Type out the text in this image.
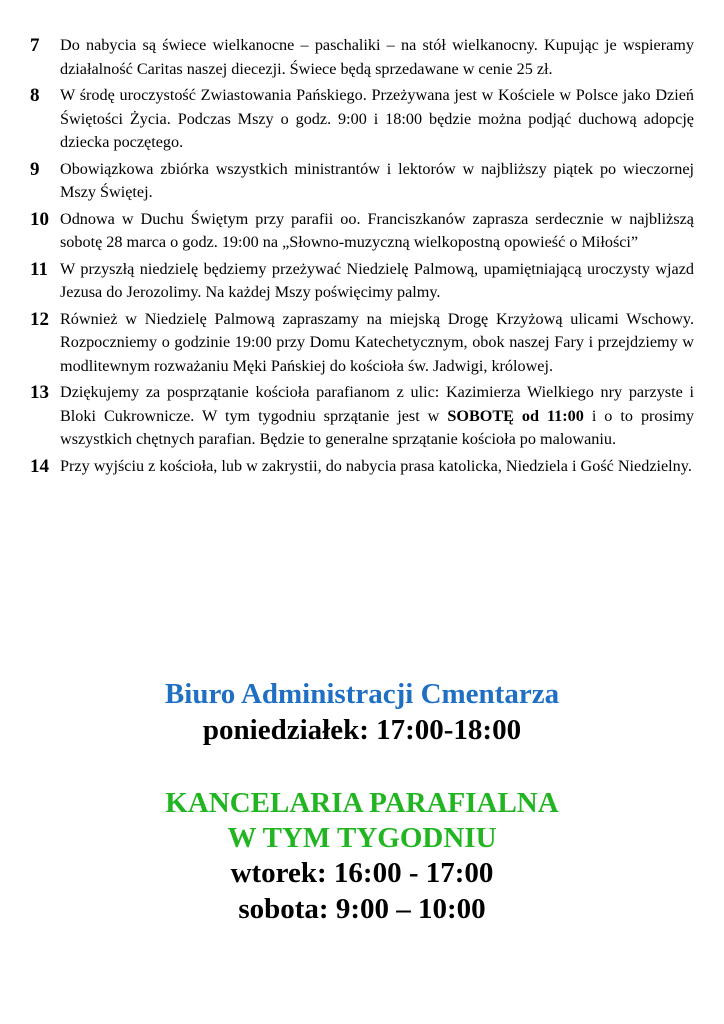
7	Do nabycia są świece wielkanocne – paschaliki – na stół wielkanocny. Kupując je wspieramy działalność Caritas naszej diecezji. Świece będą sprzedawane w cenie 25 zł.
8	W środę uroczystość Zwiastowania Pańskiego. Przeżywana jest w Kościele w Polsce jako Dzień Świętości Życia. Podczas Mszy o godz. 9:00 i 18:00 będzie można podjąć duchową adopcję dziecka poczętego.
9	Obowiązkowa zbiórka wszystkich ministrantów i lektorów w najbliższy piątek po wieczornej Mszy Świętej.
10 Odnowa w Duchu Świętym przy parafii oo. Franciszkanów zaprasza serdecznie w najbliższą sobotę 28 marca o godz. 19:00 na „Słowno-muzyczną wielkopostną opowieść o Miłości”
11 W przyszłą niedzielę będziemy przeżywać Niedzielę Palmową, upamiętniającą uroczysty wjazd Jezusa do Jerozolimy. Na każdej Mszy poświęcimy palmy.
12 Również w Niedzielę Palmową zapraszamy na miejską Drogę Krzyżową ulicami Wschowy. Rozpoczniemy o godzinie 19:00 przy Domu Katechetycznym, obok naszej Fary i przejdziemy w modlitewnym rozważaniu Męki Pańskiej do kościoła św. Jadwigi, królowej.
13 Dziękujemy za posprzątanie kościoła parafianom z ulic: Kazimierza Wielkiego nry parzyste i Bloki Cukrownicze. W tym tygodniu sprzątanie jest w SOBOTĘ od 11:00 i o to prosimy wszystkich chętnych parafian. Będzie to generalne sprzątanie kościoła po malowaniu.
14 Przy wyjściu z kościoła, lub w zakrystii, do nabycia prasa katolicka, Niedziela i Gość Niedzielny.
Biuro Administracji Cmentarza
poniedziałek: 17:00-18:00
KANCELARIA PARAFIALNA
W TYM TYGODNIU
wtorek: 16:00 - 17:00
sobota: 9:00 – 10:00
